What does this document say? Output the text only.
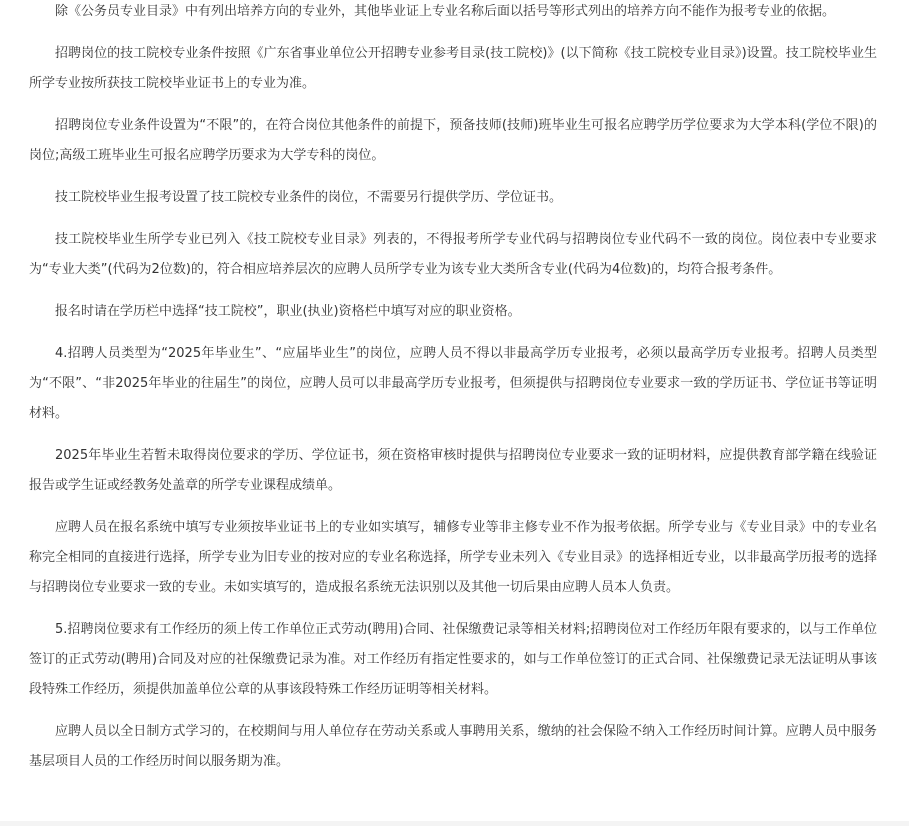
除《公务员专业目录》中有列出培养方向的专业外，其他毕业证上专业名称后面以括号等形式列出的培养方向不能作为报考专业的依据。

招聘岗位的技工院校专业条件按照《广东省事业单位公开招聘专业参考目录(技工院校)》(以下简称《技工院校专业目录》)设置。技工院校毕业生所学专业按所获技工院校毕业证书上的专业为准。

招聘岗位专业条件设置为“不限”的，在符合岗位其他条件的前提下，预备技师(技师)班毕业生可报名应聘学历学位要求为大学本科(学位不限)的岗位;高级工班毕业生可报名应聘学历要求为大学专科的岗位。

技工院校毕业生报考设置了技工院校专业条件的岗位，不需要另行提供学历、学位证书。

技工院校毕业生所学专业已列入《技工院校专业目录》列表的，不得报考所学专业代码与招聘岗位专业代码不一致的岗位。岗位表中专业要求为“专业大类”(代码为2位数)的，符合相应培养层次的应聘人员所学专业为该专业大类所含专业(代码为4位数)的，均符合报考条件。

报名时请在学历栏中选择“技工院校”，职业(执业)资格栏中填写对应的职业资格。

4.招聘人员类型为“2025年毕业生”、“应届毕业生”的岗位，应聘人员不得以非最高学历专业报考，必须以最高学历专业报考。招聘人员类型为“不限”、“非2025年毕业的往届生”的岗位，应聘人员可以非最高学历专业报考，但须提供与招聘岗位专业要求一致的学历证书、学位证书等证明材料。

2025年毕业生若暂未取得岗位要求的学历、学位证书，须在资格审核时提供与招聘岗位专业要求一致的证明材料，应提供教育部学籍在线验证报告或学生证或经教务处盖章的所学专业课程成绩单。

应聘人员在报名系统中填写专业须按毕业证书上的专业如实填写，辅修专业等非主修专业不作为报考依据。所学专业与《专业目录》中的专业名称完全相同的直接进行选择，所学专业为旧专业的按对应的专业名称选择，所学专业未列入《专业目录》的选择相近专业，以非最高学历报考的选择与招聘岗位专业要求一致的专业。未如实填写的，造成报名系统无法识别以及其他一切后果由应聘人员本人负责。

5.招聘岗位要求有工作经历的须上传工作单位正式劳动(聘用)合同、社保缴费记录等相关材料;招聘岗位对工作经历年限有要求的，以与工作单位签订的正式劳动(聘用)合同及对应的社保缴费记录为准。对工作经历有指定性要求的，如与工作单位签订的正式合同、社保缴费记录无法证明从事该段特殊工作经历，须提供加盖单位公章的从事该段特殊工作经历证明等相关材料。

应聘人员以全日制方式学习的，在校期间与用人单位存在劳动关系或人事聘用关系，缴纳的社会保险不纳入工作经历时间计算。应聘人员中服务基层项目人员的工作经历时间以服务期为准。
